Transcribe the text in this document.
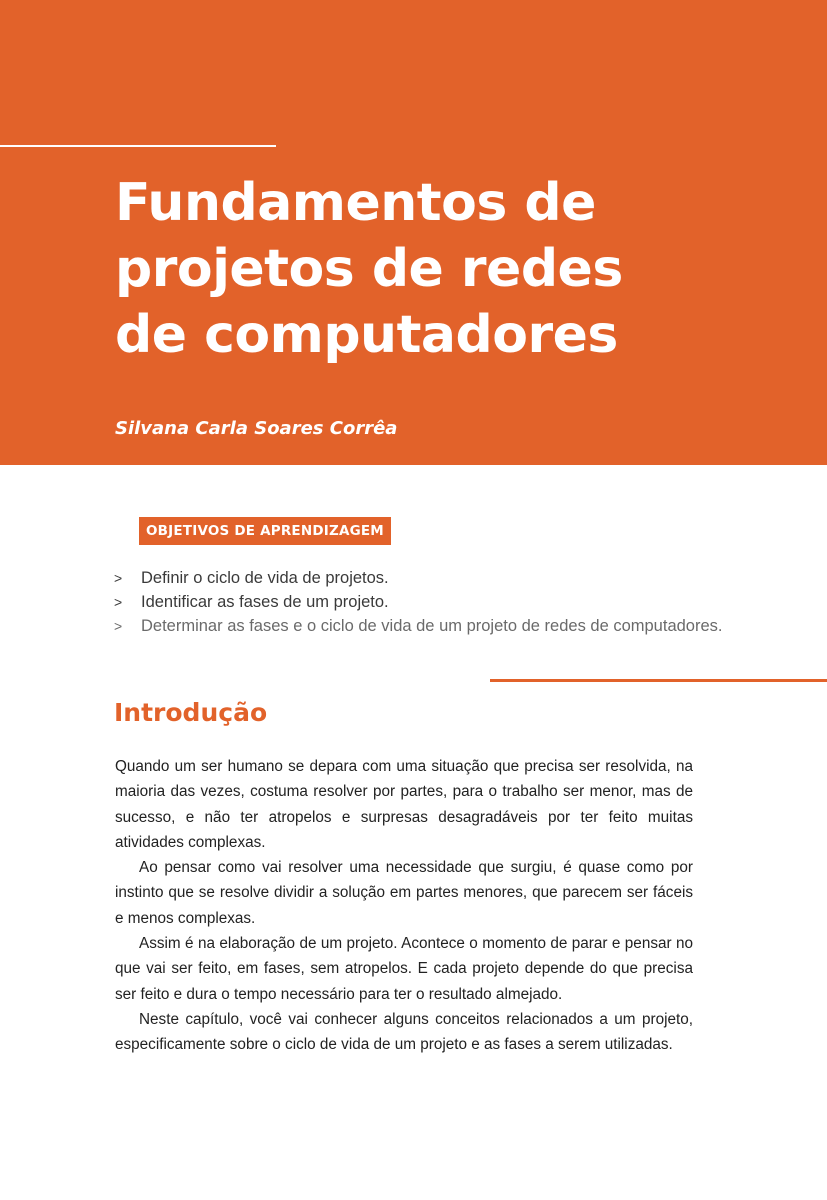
Fundamentos de
projetos de redes
de computadores
Silvana Carla Soares Corrêa
OBJETIVOS DE APRENDIZAGEM
> Definir o ciclo de vida de projetos.
> Identificar as fases de um projeto.
> Determinar as fases e o ciclo de vida de um projeto de redes de computadores.
Introdução

Quando um ser humano se depara com uma situação que precisa ser resolvida, na maioria das vezes, costuma resolver por partes, para o trabalho ser menor, mas de sucesso, e não ter atropelos e surpresas desagradáveis por ter feito muitas atividades complexas.

Ao pensar como vai resolver uma necessidade que surgiu, é quase como por instinto que se resolve dividir a solução em partes menores, que parecem ser fáceis e menos complexas.

Assim é na elaboração de um projeto. Acontece o momento de parar e pensar no que vai ser feito, em fases, sem atropelos. E cada projeto depende do que precisa ser feito e dura o tempo necessário para ter o resultado almejado.

Neste capítulo, você vai conhecer alguns conceitos relacionados a um projeto, especificamente sobre o ciclo de vida de um projeto e as fases a serem utilizadas.
